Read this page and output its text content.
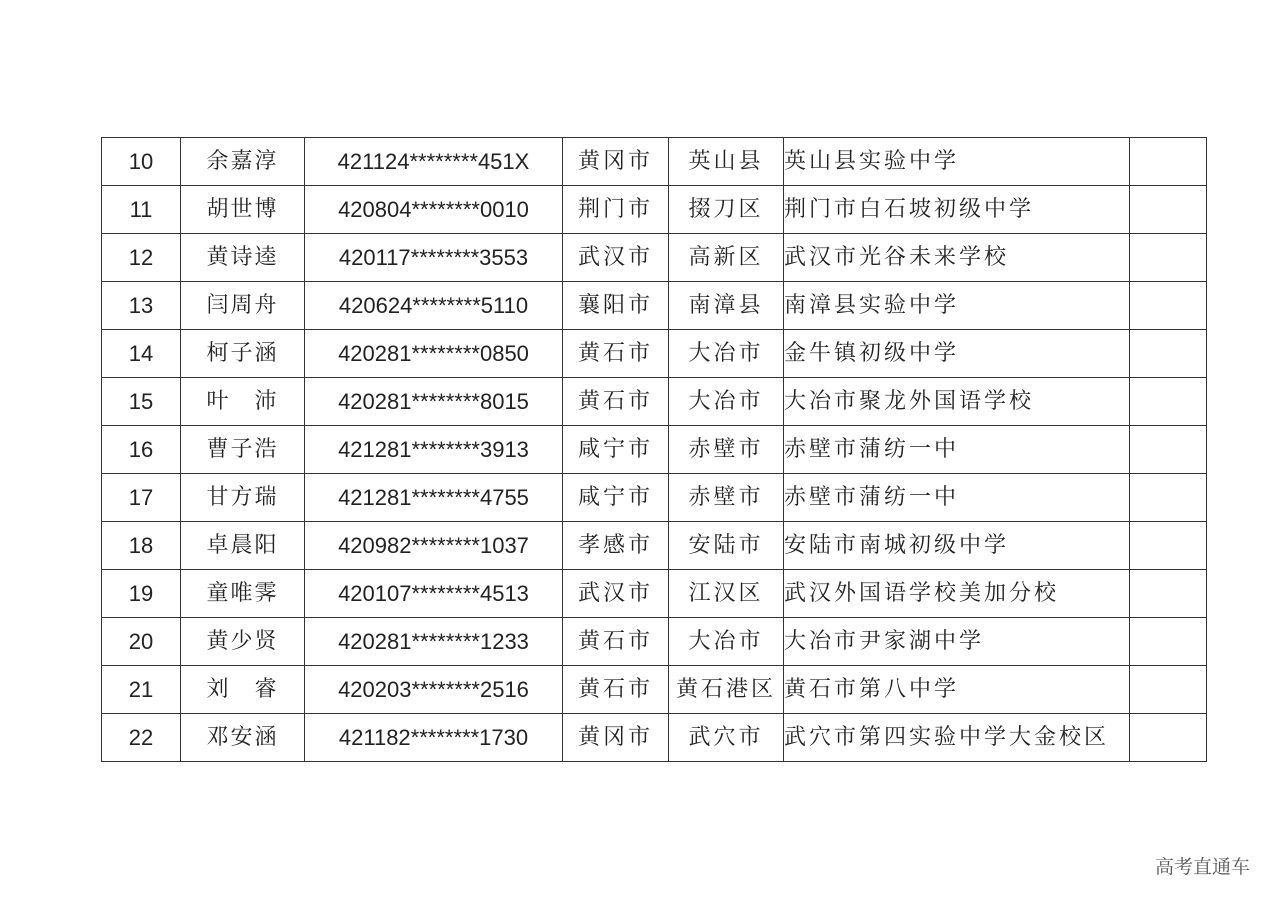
10	余嘉淳	421124********451X	黄冈市	英山县	英山县实验中学	
11	胡世博	420804********0010	荆门市	掇刀区	荆门市白石坡初级中学	
12	黄诗逵	420117********3553	武汉市	高新区	武汉市光谷未来学校	
13	闫周舟	420624********5110	襄阳市	南漳县	南漳县实验中学	
14	柯子涵	420281********0850	黄石市	大冶市	金牛镇初级中学	
15	叶　沛	420281********8015	黄石市	大冶市	大冶市聚龙外国语学校	
16	曹子浩	421281********3913	咸宁市	赤壁市	赤壁市蒲纺一中	
17	甘方瑞	421281********4755	咸宁市	赤壁市	赤壁市蒲纺一中	
18	卓晨阳	420982********1037	孝感市	安陆市	安陆市南城初级中学	
19	童唯霁	420107********4513	武汉市	江汉区	武汉外国语学校美加分校	
20	黄少贤	420281********1233	黄石市	大冶市	大冶市尹家湖中学	
21	刘　睿	420203********2516	黄石市	黄石港区	黄石市第八中学	
22	邓安涵	421182********1730	黄冈市	武穴市	武穴市第四实验中学大金校区	
高考直通车
